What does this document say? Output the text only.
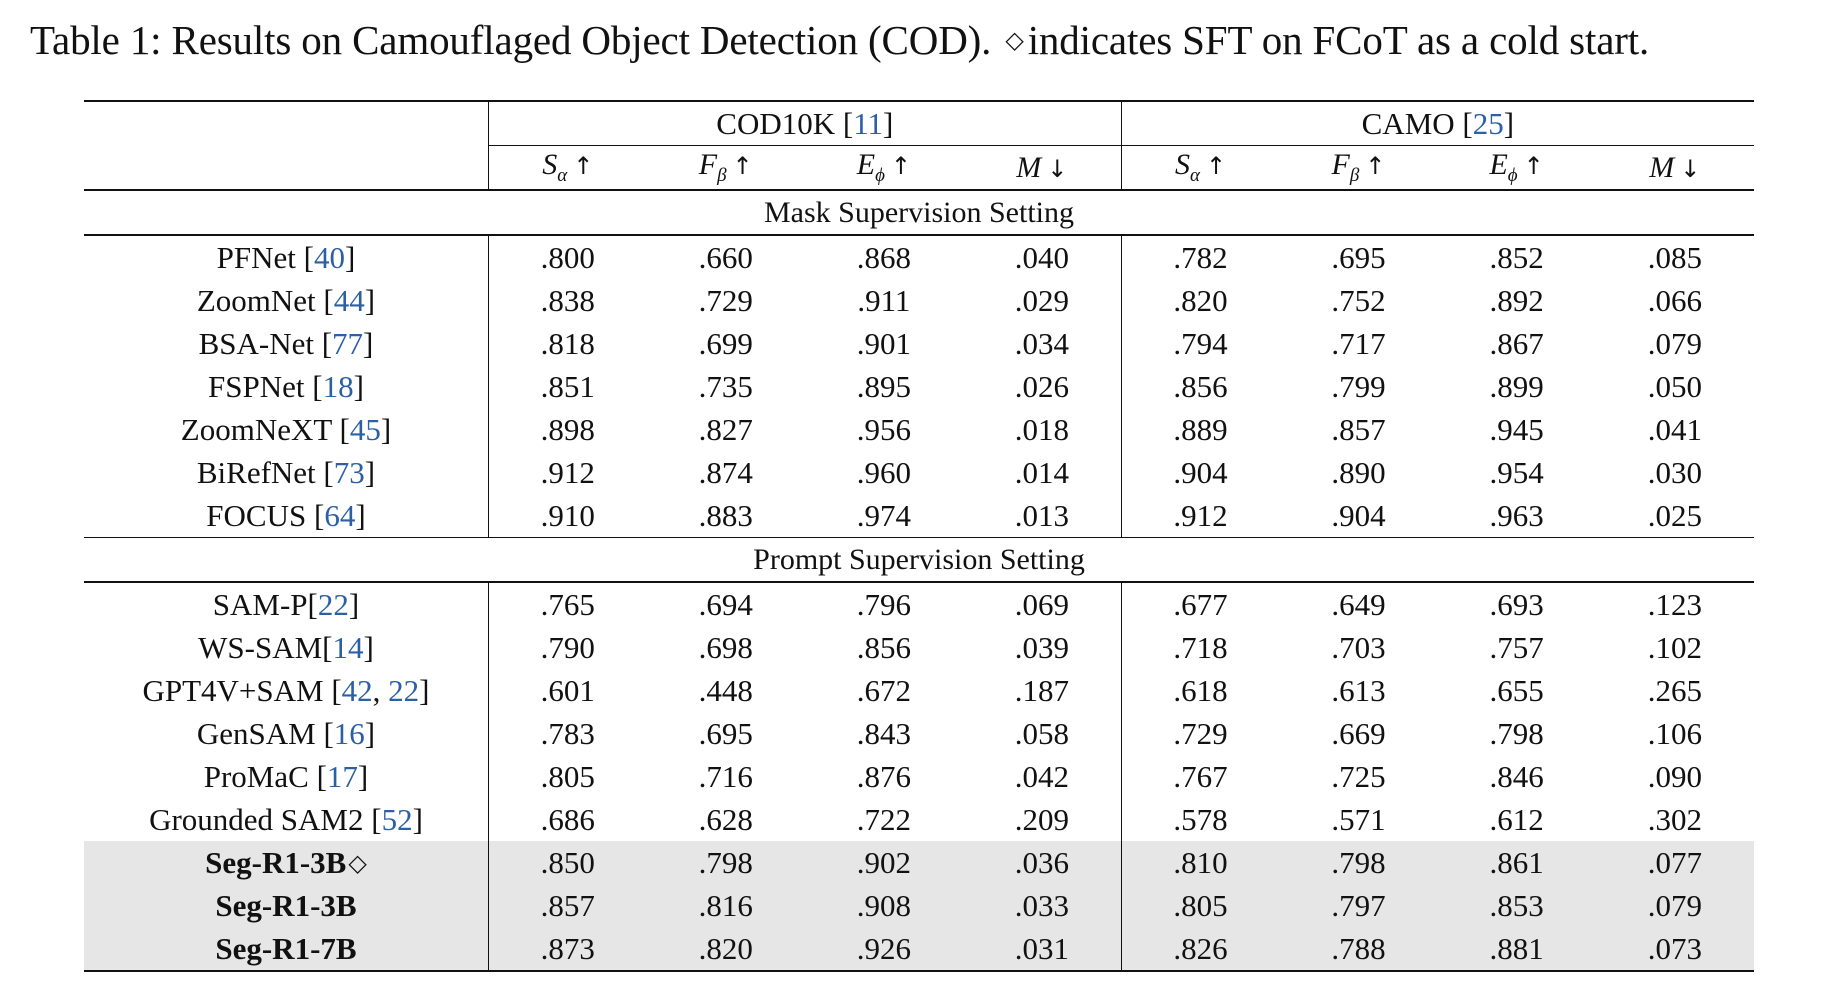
Table 1: Results on Camouflaged Object Detection (COD). ◇indicates SFT on FCoT as a cold start.
	COD10K [11]				CAMO [25]			
	$S_\alpha$ ↑	$F_\beta$ ↑	$E_\phi$ ↑	M ↓	$S_\alpha$ ↑	$F_\beta$ ↑	$E_\phi$ ↑	M ↓
Mask Supervision Setting								
PFNet [40]	.800	.660	.868	.040	.782	.695	.852	.085
ZoomNet [44]	.838	.729	.911	.029	.820	.752	.892	.066
BSA-Net [77]	.818	.699	.901	.034	.794	.717	.867	.079
FSPNet [18]	.851	.735	.895	.026	.856	.799	.899	.050
ZoomNeXT [45]	.898	.827	.956	.018	.889	.857	.945	.041
BiRefNet [73]	.912	.874	.960	.014	.904	.890	.954	.030
FOCUS [64]	.910	.883	.974	.013	.912	.904	.963	.025
Prompt Supervision Setting								
SAM-P[22]	.765	.694	.796	.069	.677	.649	.693	.123
WS-SAM[14]	.790	.698	.856	.039	.718	.703	.757	.102
GPT4V+SAM [42, 22]	.601	.448	.672	.187	.618	.613	.655	.265
GenSAM [16]	.783	.695	.843	.058	.729	.669	.798	.106
ProMaC [17]	.805	.716	.876	.042	.767	.725	.846	.090
Grounded SAM2 [52]	.686	.628	.722	.209	.578	.571	.612	.302
Seg-R1-3B◇	.850	.798	.902	.036	.810	.798	.861	.077
Seg-R1-3B	.857	.816	.908	.033	.805	.797	.853	.079
Seg-R1-7B	.873	.820	.926	.031	.826	.788	.881	.073
